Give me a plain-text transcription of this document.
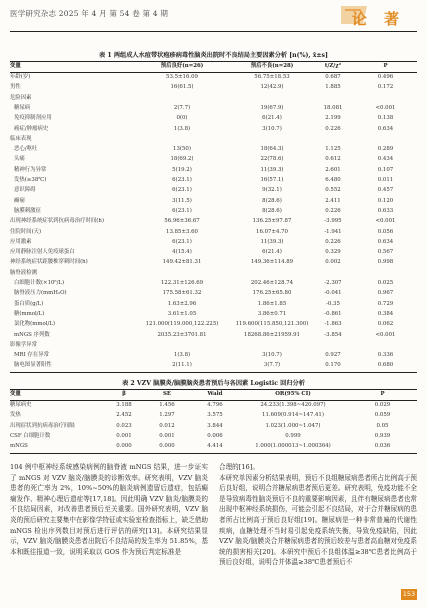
医学研究杂志 2025 年 4 月 第 54 卷 第 4 期	论 著
表 1 两组成人水痘带状疱疹病毒性脑炎出院时不良结局主要因素分析 [n(%), x̄±s]
变量	预后良好(n=26)	预后不良(n=28)	t/Z/χ²	P
年龄(岁)	53.5±16.09	56.75±18.53	0.687	0.496
男性	16(61.5)	12(42.9)	1.885	0.172
危险因素
糖尿病	2(7.7)	19(67.9)	18.081	<0.001
免疫抑制剂应用	0(0)	6(21.4)	2.199	0.138
癌症/肿瘤病史	1(3.8)	3(10.7)	0.226	0.634
临床表现
恶心/呕吐	13(50)	18(64.3)	1.125	0.289
头痛	18(69.2)	22(78.6)	0.612	0.434
精神行为异常	5(19.2)	11(39.3)	2.601	0.107
发热(≥38℃)	6(23.1)	16(57.1)	6.480	0.011
意识障碍	6(23.1)	9(32.1)	0.552	0.457
癫痫	3(11.5)	8(28.6)	2.411	0.120
脑膜刺激征	6(23.1)	8(28.6)	0.226	0.633
出现神经系统症状到抗病毒治疗时间(h)	56.96±36.67	136.25±97.87	-3.995	<0.001
住院时间(天)	13.85±3.60	16.07±4.70	-1.941	0.056
应用激素	6(23.1)	11(39.3)	0.226	0.634
应用静脉注射人免疫球蛋白	4(15.4)	6(21.4)	0.329	0.567
神经系统症状距腰椎穿刺时间(h)	149.42±81.31	149.36±114.89	0.002	0.998
脑脊液检测
白细胞计数(×10⁶/L)	122.31±126.69	202.46±128.74	-2.307	0.025
脑脊液压力(mmH₂O)	175.58±61.32	176.25±65.80	-0.041	0.967
蛋白质(g/L)	1.63±2.96	1.86±1.85	-0.35	0.729
糖(mmol/L)	3.61±1.05	3.86±0.71	-0.861	0.384
氯化物(mmol/L)	121.000(119.000,122.225)	119.600(115.850,121.300)	-1.863	0.062
mNGS 序列数	2035.23±3701.81	18268.86±21959.91	-3.854	<0.001
影像学异常
MRI 存在异常	1(3.8)	3(10.7)	0.927	0.336
脑电图显著阳性	2(11.1)	3(7.7)	0.170	0.680
表 2 VZV 脑膜炎/脑膜脑炎患者预后与各因素 Logistic 回归分析
变量	β	SE	Wald	OR(95% CI)	P
糖尿病史	3.188	1.456	4.796	24.233(1.398~420.097)	0.029
发热	2.452	1.297	3.575	11.609(0.914~147.41)	0.059
出现症状到抗病毒治疗间隔	0.023	0.012	3.844	1.023(1.000~1.047)	0.05
CSF 白细胞计数	0.001	0.001	0.006	0.999	0.939
mNGS	0.000	0.000	4.414	1.000(1.000013~1.000364)	0.036
104 例中枢神经系统感染病例的脑脊液 mNGS 结果，进一步证实了 mNGS 对 VZV 脑炎/脑膜炎的诊断效率。研究表明，VZV 脑炎患者的死亡率为 2%，10%~50%的脑炎病例遗留后遗症，包括癫痫发作、精神心理后遗症等[17,18]。因此明确 VZV 脑炎/脑膜炎的不良结局因素，对改善患者预后至关重要。国外研究表明，VZV 脑炎的预后研究主要集中在影像学特征或实验室检查指标上，缺乏借助 mNGS 检出序列数目对预后进行评估的研究[13]。本研究结果显示，VZV 脑炎/脑膜炎患者出院后不良结局的发生率为 51.85%，基本和既往报道一致，说明采取以 GOS 作为预后判定标准是
合理的[16]。
本研究单因素分析结果表明，预后不良组糖尿病患者所占比例高于预后良好组，说明合并糖尿病患者预后更差。研究表明，免疫功能不全是导致病毒性脑炎预后不良的重要影响因素，且伴有糖尿病患者也常出现中枢神经系统损伤，可能会引起不良结局，对于合并糖尿病的患者所占比例高于预后良好组[19]。糖尿病是一种非常普遍的代谢性疾病，血糖处理不当时易引起免疫系统失衡，导致免疫缺陷，因此 VZV 脑炎/脑膜炎合并糖尿病患者的预后较差与患者高血糖对免疫系统的损害相关[20]。本研究中预后不良组体温≥38℃患者比例高于预后良好组，说明合并体温≥38℃患者预后不
153
